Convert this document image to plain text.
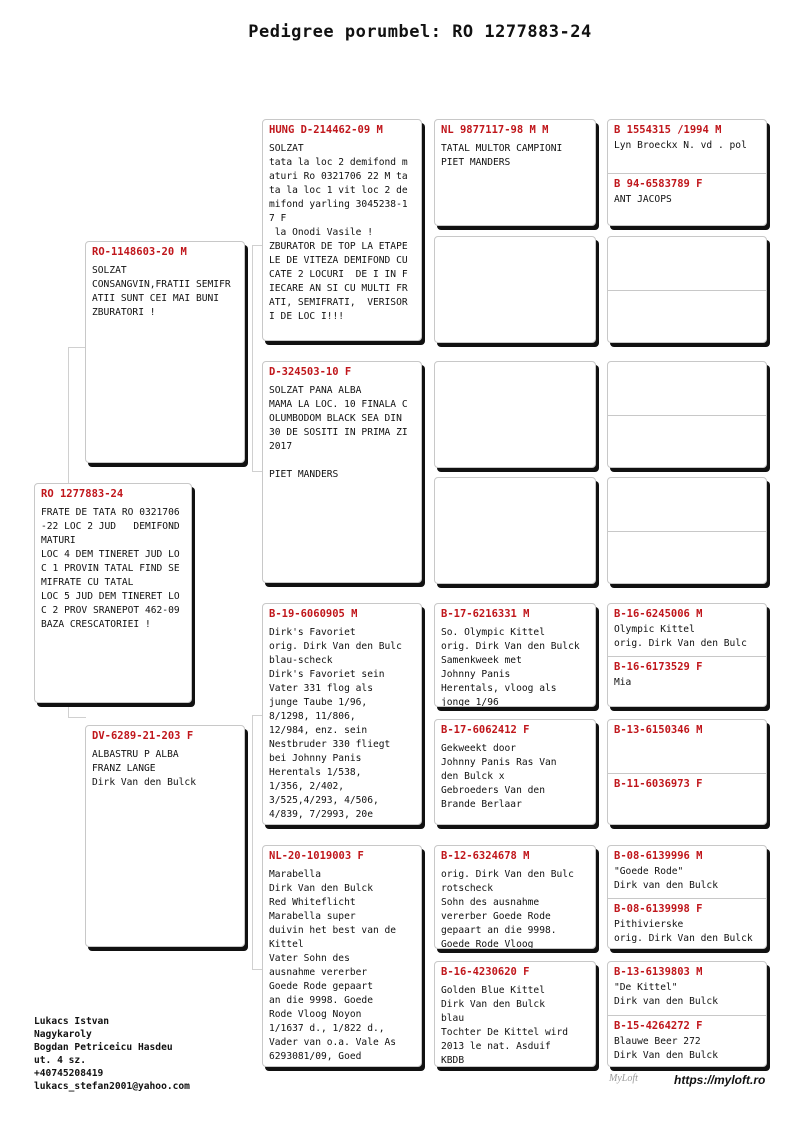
Pedigree porumbel: RO 1277883-24
RO 1277883-24
FRATE DE TATA RO 0321706
-22 LOC 2 JUD   DEMIFOND
MATURI
LOC 4 DEM TINERET JUD LO
C 1 PROVIN TATAL FIND SE
MIFRATE CU TATAL
LOC 5 JUD DEM TINERET LO
C 2 PROV SRANEPOT 462-09
BAZA CRESCATORIEI !
RO-1148603-20 M
SOLZAT
CONSANGVIN,FRATII SEMIFR
ATII SUNT CEI MAI BUNI
ZBURATORI !
DV-6289-21-203 F
ALBASTRU P ALBA
FRANZ LANGE
Dirk Van den Bulck
HUNG D-214462-09 M
SOLZAT
tata la loc 2 demifond m
aturi Ro 0321706 22 M ta
ta la loc 1 vit loc 2 de
mifond yarling 3045238-1
7 F
la Onodi Vasile !
ZBURATOR DE TOP LA ETAPE
LE DE VITEZA DEMIFOND CU
CATE 2 LOCURI  DE I IN F
IECARE AN SI CU MULTI FR
ATI, SEMIFRATI,  VERISOR
I DE LOC I!!!
D-324503-10 F
SOLZAT PANA ALBA
MAMA LA LOC. 10 FINALA C
OLUMBODOM BLACK SEA DIN
30 DE SOSITI IN PRIMA ZI
2017

PIET MANDERS
B-19-6060905 M
Dirk's Favoriet
orig. Dirk Van den Bulc
blau-scheck
Dirk's Favoriet sein
Vater 331 flog als
junge Taube 1/96,
8/1298, 11/806,
12/984, enz. sein
Nestbruder 330 fliegt
bei Johnny Panis
Herentals 1/538,
1/356, 2/402,
3/525,4/293, 4/506,
4/839, 7/2993, 20e
NL-20-1019003 F
Marabella
Dirk Van den Bulck
Red Whiteflicht
Marabella super
duivin het best van de
Kittel
Vater Sohn des
ausnahme vererber
Goede Rode gepaart
an die 9998. Goede
Rode Vloog Noyon
1/1637 d., 1/822 d.,
Vader van o.a. Vale As
6293081/09, Goed
NL 9877117-98 M M
TATAL MULTOR CAMPIONI
PIET MANDERS
B-17-6216331 M
So. Olympic Kittel
orig. Dirk Van den Bulck
Samenkweek met
Johnny Panis
Herentals, vloog als
jonge 1/96
B-17-6062412 F
Gekweekt door
Johnny Panis Ras Van
den Bulck x
Gebroeders Van den
Brande Berlaar
B-12-6324678 M
orig. Dirk Van den Bulc
rotscheck
Sohn des ausnahme
vererber Goede Rode
gepaart an die 9998.
Goede Rode Vloog
B-16-4230620 F
Golden Blue Kittel
Dirk Van den Bulck
blau
Tochter De Kittel wird
2013 le nat. Asduif
KBDB
B 1554315 /1994 M
Lyn Broeckx N. vd . pol
B 94-6583789 F
ANT JACOPS
B-16-6245006 M
Olympic Kittel
orig. Dirk Van den Bulc
B-16-6173529 F
Mia
B-13-6150346 M
B-11-6036973 F
B-08-6139996 M
"Goede Rode"
Dirk van den Bulck
B-08-6139998 F
Pithivierske
orig. Dirk Van den Bulck
B-13-6139803 M
"De Kittel"
Dirk van den Bulck
B-15-4264272 F
Blauwe Beer 272
Dirk Van den Bulck
Lukacs Istvan
Nagykaroly
Bogdan Petriceicu Hasdeu
ut. 4 sz.
+40745208419
lukacs_stefan2001@yahoo.com
MyLoft	https://myloft.ro
